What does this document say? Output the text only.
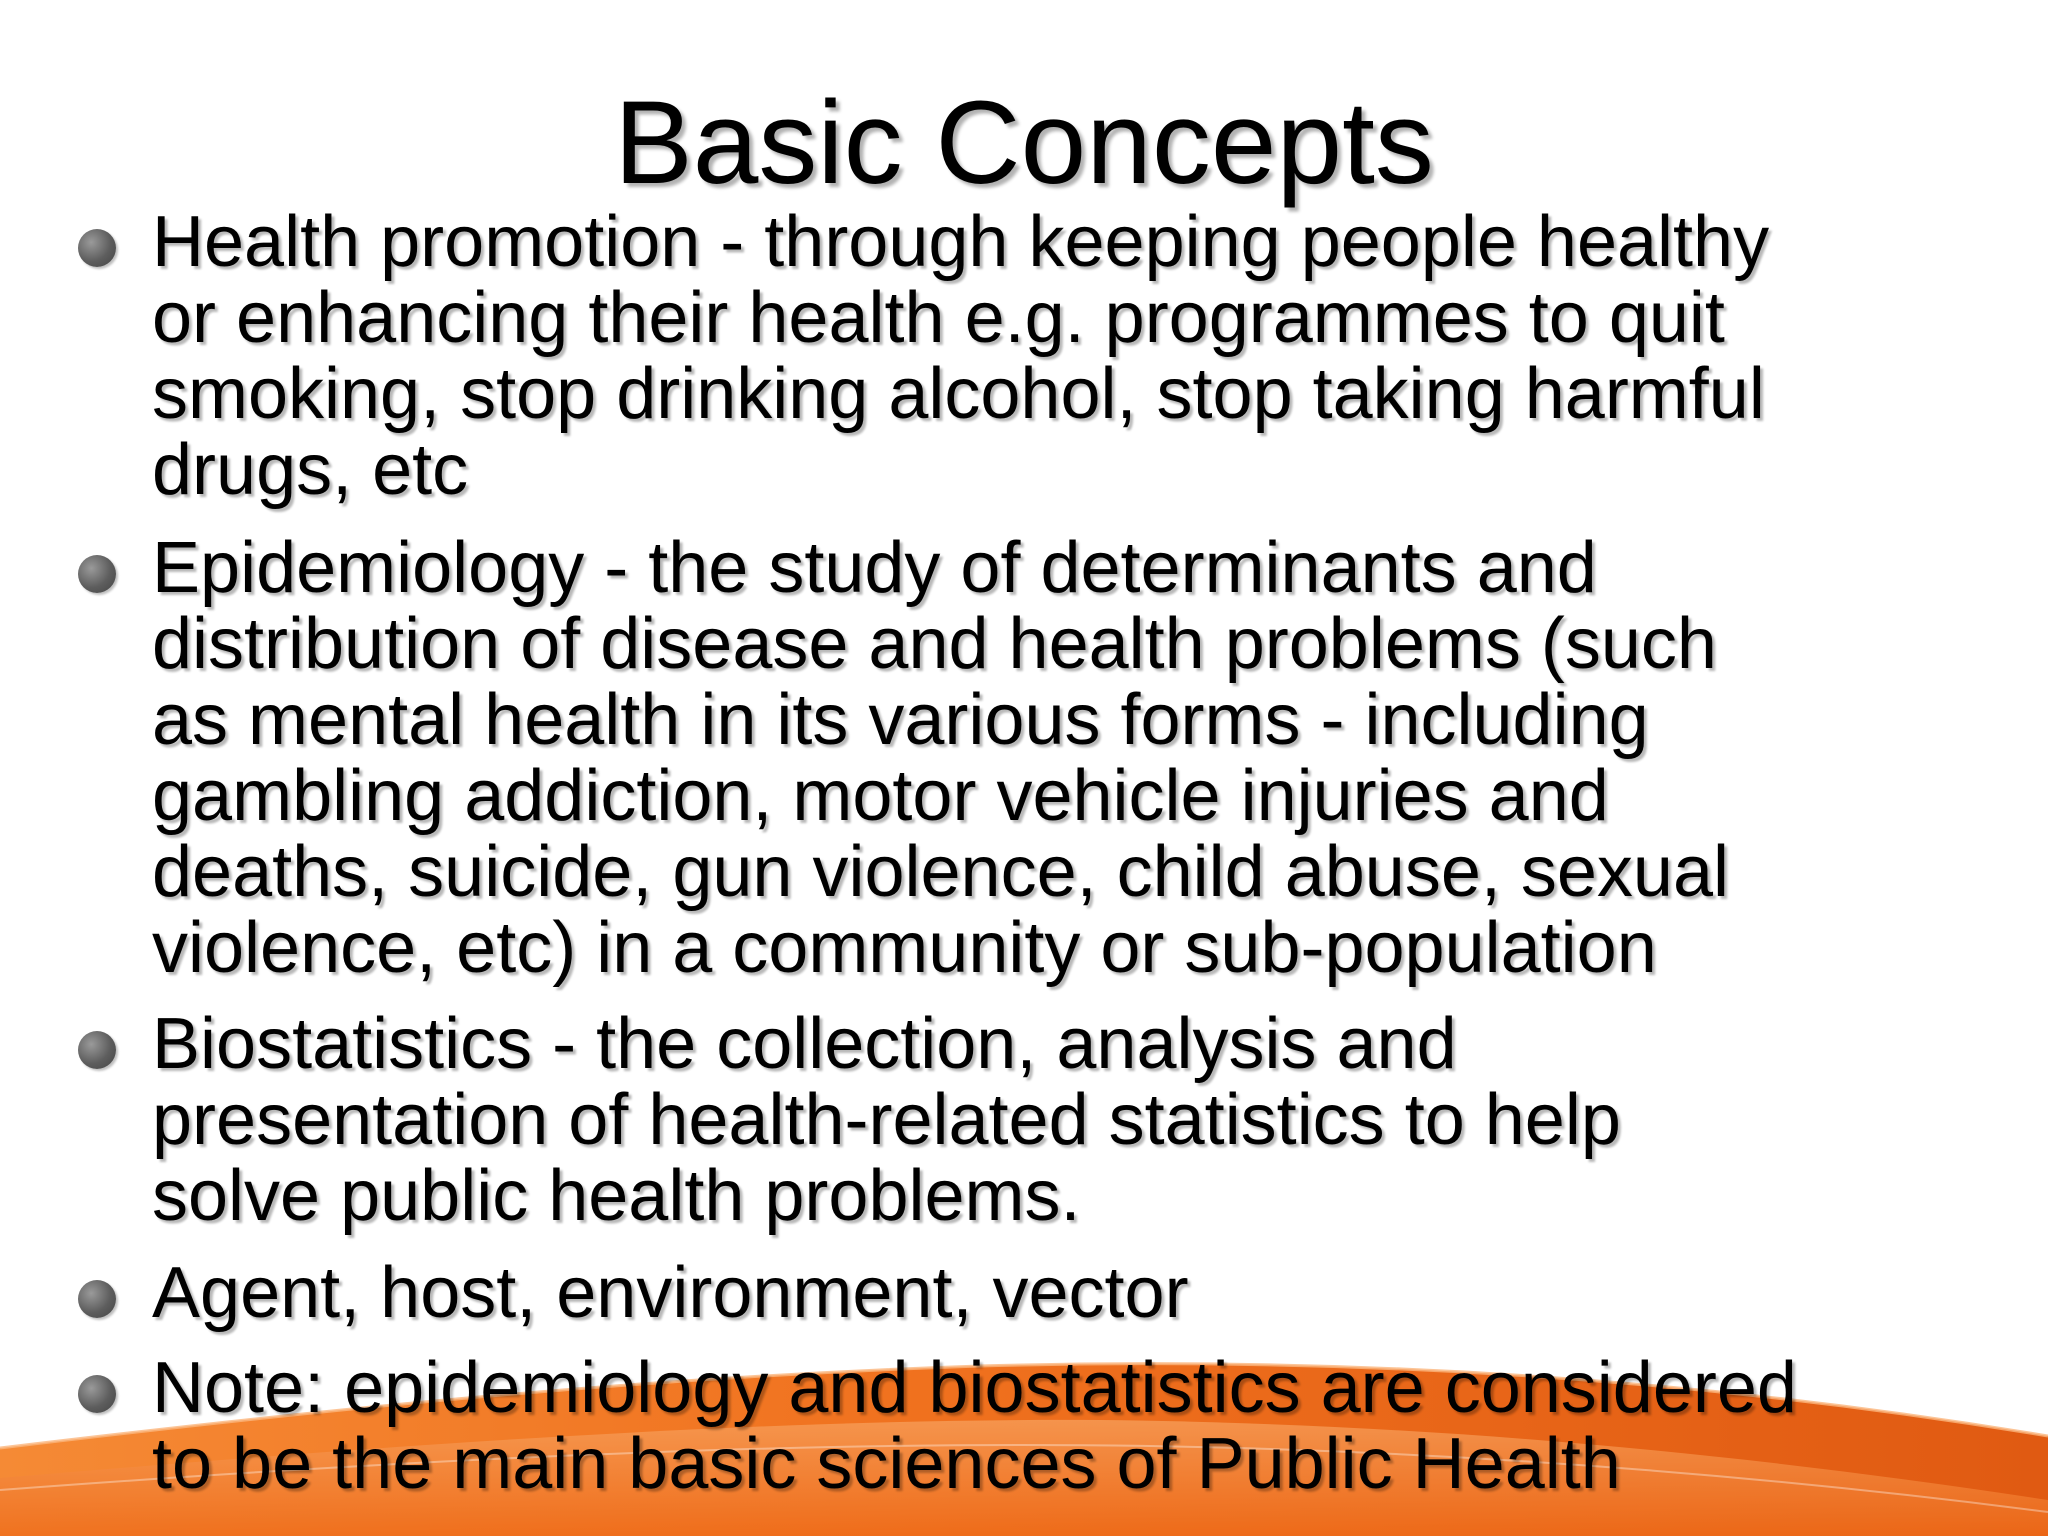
Basic Concepts
Health promotion - through keeping people healthy
or enhancing their health e.g. programmes to quit
smoking, stop drinking alcohol, stop taking harmful
drugs, etc
Epidemiology - the study of determinants and
distribution of disease and health problems (such
as mental health in its various forms - including
gambling addiction, motor vehicle injuries and
deaths, suicide, gun violence, child abuse, sexual
violence, etc) in a community or sub-population
Biostatistics - the collection, analysis and
presentation of health-related statistics to help
solve public health problems.
Agent, host, environment, vector
Note: epidemiology and biostatistics are considered
to be the main basic sciences of Public Health
